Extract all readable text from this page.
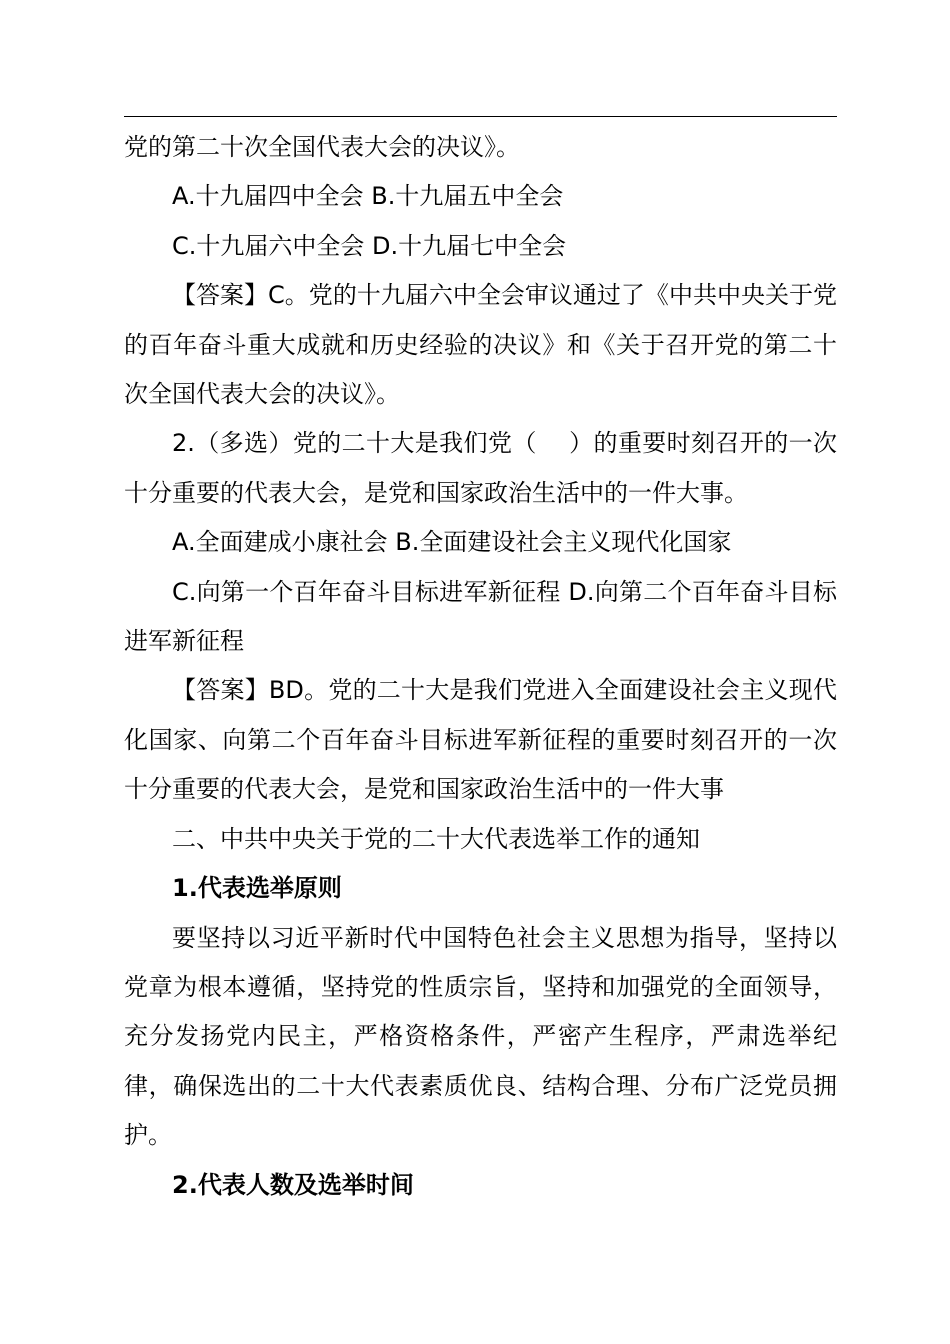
党的第二十次全国代表大会的决议》。

A.十九届四中全会 B.十九届五中全会

C.十九届六中全会 D.十九届七中全会

【答案】C。党的十九届六中全会审议通过了《中共中央关于党的百年奋斗重大成就和历史经验的决议》和《关于召开党的第二十次全国代表大会的决议》。

2.（多选）党的二十大是我们党（　 ）的重要时刻召开的一次十分重要的代表大会，是党和国家政治生活中的一件大事。

A.全面建成小康社会 B.全面建设社会主义现代化国家

C.向第一个百年奋斗目标进军新征程 D.向第二个百年奋斗目标进军新征程

【答案】BD。党的二十大是我们党进入全面建设社会主义现代化国家、向第二个百年奋斗目标进军新征程的重要时刻召开的一次十分重要的代表大会，是党和国家政治生活中的一件大事

二、中共中央关于党的二十大代表选举工作的通知

1.代表选举原则

要坚持以习近平新时代中国特色社会主义思想为指导，坚持以党章为根本遵循，坚持党的性质宗旨，坚持和加强党的全面领导，充分发扬党内民主，严格资格条件，严密产生程序，严肃选举纪律，确保选出的二十大代表素质优良、结构合理、分布广泛党员拥护。

2.代表人数及选举时间
